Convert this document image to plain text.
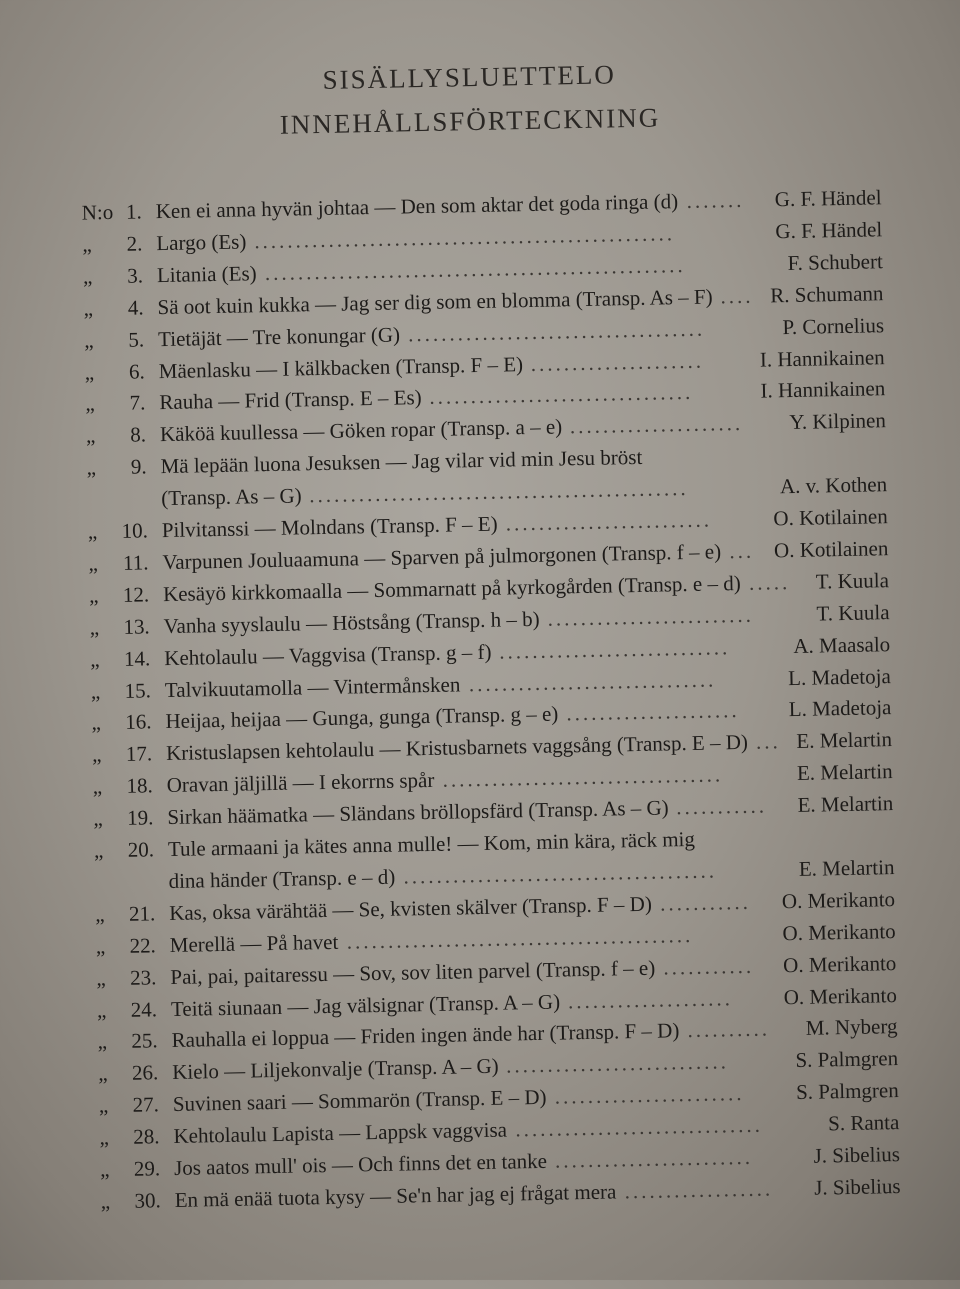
SISÄLLYSLUETTELO
INNEHÅLLSFÖRTECKNING
N:o 1. Ken ei anna hyvän johtaa — Den som aktar det goda ringa (d) .......	G. F. Händel
„	2. Largo (Es) ...................................................	G. F. Händel
„	3. Litania (Es) ...................................................	F. Schubert
„	4. Sä oot kuin kukka — Jag ser dig som en blomma (Transp. As – F) .... R. Schumann
„	5. Tietäjät — Tre konungar (G) ....................................	P. Cornelius
„	6. Mäenlasku — I kälkbacken (Transp. F – E) .....................	I. Hannikainen
„	7. Rauha — Frid (Transp. E – Es) ................................	I. Hannikainen
„	8. Käköä kuullessa — Göken ropar (Transp. a – e) .....................	Y. Kilpinen
„	9. Mä lepään luona Jesuksen — Jag vilar vid min Jesu bröst
(Transp. As – G) ..............................................	A. v. Kothen
„	10. Pilvitanssi — Molndans (Transp. F – E) .........................	O. Kotilainen
„	11. Varpunen Jouluaamuna — Sparven på julmorgonen (Transp. f – e) ... O. Kotilainen
„	12. Kesäyö kirkkomaalla — Sommarnatt på kyrkogården (Transp. e – d) .....	T. Kuula
„	13. Vanha syyslaulu — Höstsång (Transp. h – b) .........................	T. Kuula
„	14. Kehtolaulu — Vaggvisa (Transp. g – f) ............................	A. Maasalo
„	15. Talvikuutamolla — Vintermånsken ..............................	L. Madetoja
„	16. Heijaa, heijaa — Gunga, gunga (Transp. g – e) .....................	L. Madetoja
„	17. Kristuslapsen kehtolaulu — Kristusbarnets vaggsång (Transp. E – D) ... E. Melartin
„	18. Oravan jäljillä — I ekorrns spår ..................................	E. Melartin
„	19. Sirkan häämatka — Sländans bröllopsfärd (Transp. As – G) ...........	E. Melartin
„	20. Tule armaani ja kätes anna mulle! — Kom, min kära, räck mig
dina händer (Transp. e – d) ......................................	E. Melartin
„	21. Kas, oksa värähtää — Se, kvisten skälver (Transp. F – D) ...........	O. Merikanto
„	22. Merellä — På havet ..........................................	O. Merikanto
„	23. Pai, pai, paitaressu — Sov, sov liten parvel (Transp. f – e) ...........	O. Merikanto
„	24. Teitä siunaan — Jag välsignar (Transp. A – G) ....................	O. Merikanto
„	25. Rauhalla ei loppua — Friden ingen ände har (Transp. F – D) ..........	M. Nyberg
„	26. Kielo — Liljekonvalje (Transp. A – G) ...........................	S. Palmgren
„	27. Suvinen saari — Sommarön (Transp. E – D) .......................	S. Palmgren
„	28. Kehtolaulu Lapista — Lappsk vaggvisa ..............................	S. Ranta
„	29. Jos aatos mull' ois — Och finns det en tanke ........................	J. Sibelius
„	30. En mä enää tuota kysy — Se'n har jag ej frågat mera ..................	J. Sibelius
